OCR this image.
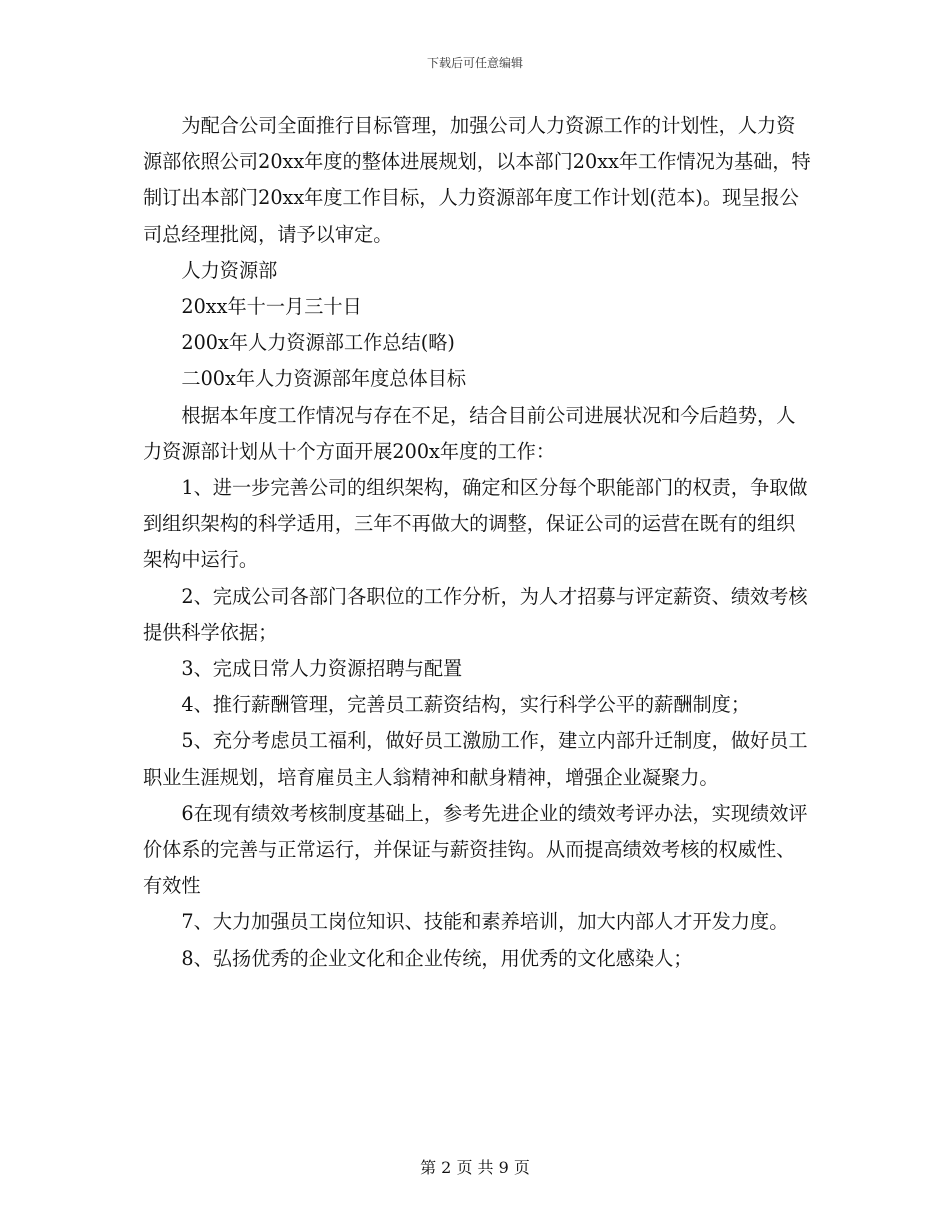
下载后可任意编辑

为配合公司全面推行目标管理，加强公司人力资源工作的计划性，人力资源部依照公司20xx年度的整体进展规划，以本部门20xx年工作情况为基础，特制订出本部门20xx年度工作目标，人力资源部年度工作计划(范本)。现呈报公司总经理批阅，请予以审定。

人力资源部

20xx年十一月三十日

200x年人力资源部工作总结(略)

二00x年人力资源部年度总体目标

根据本年度工作情况与存在不足，结合目前公司进展状况和今后趋势，人力资源部计划从十个方面开展200x年度的工作：

1、进一步完善公司的组织架构，确定和区分每个职能部门的权责，争取做到组织架构的科学适用，三年不再做大的调整，保证公司的运营在既有的组织架构中运行。

2、完成公司各部门各职位的工作分析，为人才招募与评定薪资、绩效考核提供科学依据；

3、完成日常人力资源招聘与配置

4、推行薪酬管理，完善员工薪资结构，实行科学公平的薪酬制度；

5、充分考虑员工福利，做好员工激励工作，建立内部升迁制度，做好员工职业生涯规划，培育雇员主人翁精神和献身精神，增强企业凝聚力。

6在现有绩效考核制度基础上，参考先进企业的绩效考评办法，实现绩效评价体系的完善与正常运行，并保证与薪资挂钩。从而提高绩效考核的权威性、有效性

7、大力加强员工岗位知识、技能和素养培训，加大内部人才开发力度。

8、弘扬优秀的企业文化和企业传统，用优秀的文化感染人；

第 2 页 共 9 页
